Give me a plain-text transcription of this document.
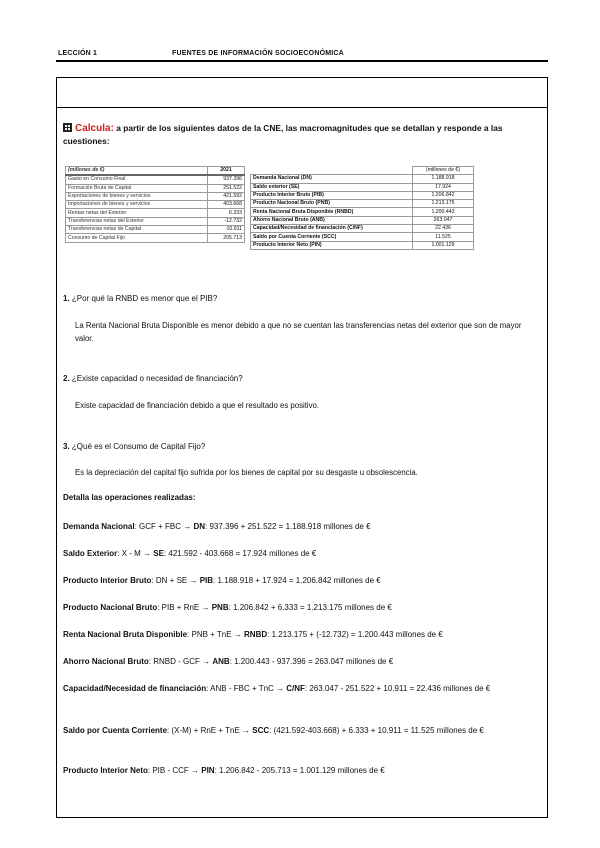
LECCIÓN 1	FUENTES DE INFORMACIÓN SOCIOECONÓMICA
Calcula: a partir de los siguientes datos de la CNE, las macromagnitudes que se detallan y responde a las cuestiones:
(millones de €)	2021
Gasto en Consumo Final	937.396
Formación Bruta de Capital	251.522
Exportaciones de bienes y servicios	421.592
Importaciones de bienes y servicios	403.668
Rentas netas del Exterior	6.333
Transferencias netas del Exterior	-12.732
Transferencias netas de Capital	10.911
Consumo de Capital Fijo	205.713
	(millones de €)
Demanda Nacional (DN)	1.188.918
Saldo exterior (SE)	17.924
Producto Interior Bruto (PIB)	1.206.842
Producto Nacional Bruto (PNB)	1.213.175
Renta Nacional Bruta Disponible (RNBD)	1.200.443
Ahorro Nacional Bruto (ANB)	263.047
Capacidad/Necesidad de financiación (C/NF)	22.436
Saldo por Cuenta Corriente (SCC)	11.525
Producto Interior Neto (PIN)	1.001.129
1. ¿Por qué la RNBD es menor que el PIB?
La Renta Nacional Bruta Disponible es menor debido a que no se cuentan las transferencias netas del exterior que son de mayor valor.
2. ¿Existe capacidad o necesidad de financiación?
Existe capacidad de financiación debido a que el resultado es positivo.
3. ¿Qué es el Consumo de Capital Fijo?
Es la depreciación del capital fijo sufrida por los bienes de capital por su desgaste u obsolescencia.
Detalla las operaciones realizadas:
Demanda Nacional: GCF + FBC → DN: 937.396 + 251.522 = 1.188.918 millones de €
Saldo Exterior: X - M → SE: 421.592 - 403.668 = 17.924 millones de €
Producto Interior Bruto: DN + SE → PIB: 1.188.918 + 17.924 = 1.206.842 millones de €
Producto Nacional Bruto: PIB + RnE → PNB: 1.206.842 + 6.333 = 1.213.175 millones de €
Renta Nacional Bruta Disponible: PNB + TnE → RNBD: 1.213.175 + (-12.732) = 1.200.443 millones de €
Ahorro Nacional Bruto: RNBD - GCF → ANB: 1.200.443 - 937.396 = 263.047 millones de €
Capacidad/Necesidad de financiación: ANB - FBC + TnC → C/NF: 263.047 - 251.522 + 10.911 = 22.436 millones de €
Saldo por Cuenta Corriente: (X-M) + RnE + TnE → SCC: (421.592-403.668) + 6.333 + 10.911 = 11.525 millones de €
Producto Interior Neto: PIB - CCF → PIN: 1.206.842 - 205.713 = 1.001.129 millones de €
